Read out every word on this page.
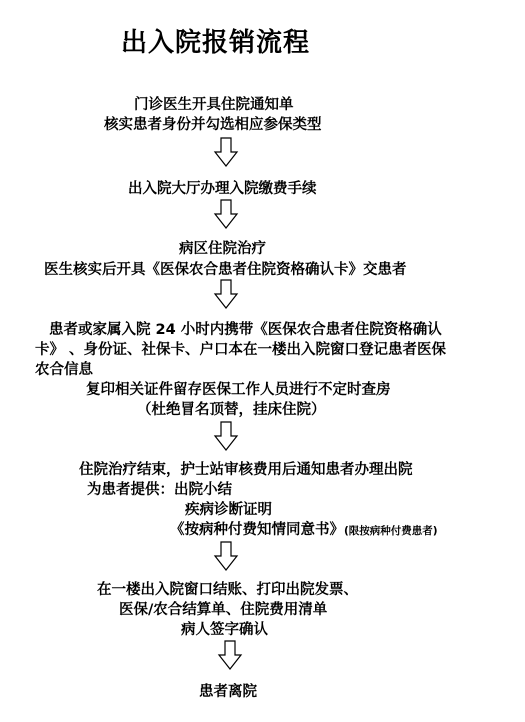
出入院报销流程
门诊医生开具住院通知单
核实患者身份并勾选相应参保类型
出入院大厅办理入院缴费手续
病区住院治疗
医生核实后开具《医保农合患者住院资格确认卡》交患者
患者或家属入院 24 小时内携带《医保农合患者住院资格确认
卡》 、身份证、社保卡、户口本在一楼出入院窗口登记患者医保
农合信息
复印相关证件留存医保工作人员进行不定时查房
（杜绝冒名顶替，挂床住院）
住院治疗结束，护士站审核费用后通知患者办理出院
为患者提供：出院小结
疾病诊断证明
《按病种付费知情同意书》(限按病种付费患者)
在一楼出入院窗口结账、打印出院发票、
医保/农合结算单、住院费用清单
病人签字确认
患者离院
